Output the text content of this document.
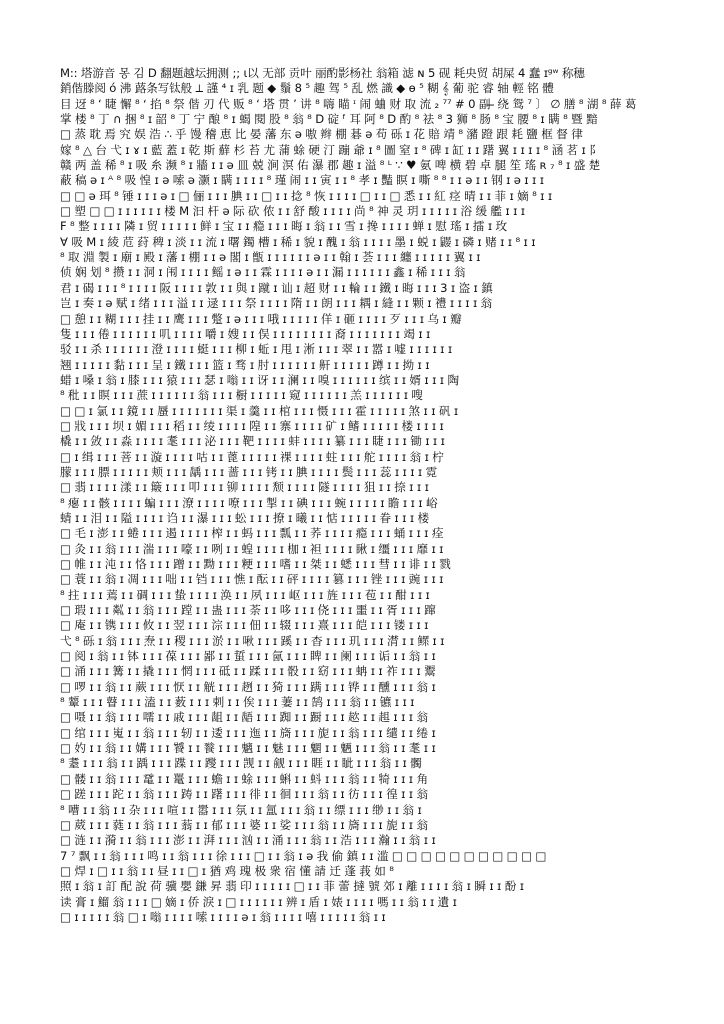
M:: 塔游音 몽 김 D 翻题越坛拥测 ;; ι以 无部 贡叶 丽酌影杨社 翁箱 滤 ɴ 5 砚 耗央贸 胡屎 4 蠢 ɪᵍʷ 称穗
銷偕滕阅 ó 沸 蕗条写钛般 ⟂ 謹 ⁴ ɪ 乳 题 ◆ 鬚 8 ⁵ 趣 驾 ⁵ 乱 燃 識 ◆ ө ⁵ 糊 𝄞 葡 驼 睿 轴 輕 铭 體
目 迓 ⁸ ‘ 睫 懈 ⁸ ʻ 掐 ⁸ 祭 偕 刃 代 贩 ⁸ ‘ 塔 贯 ’ 讲 ⁸ 嗨 瞄 ᶦ 闹 蛐 财 取 流 ₂ ⁷⁷ # 0 副 ̶ 绕 鸳 ⁷ 〕 ∅ 膳 ⁸ 湖 ⁸ 薛 葛
掌 楼 ⁸ 丁 ∩ 捆 ⁸ ɪ 韶 ⁸ 丁 宁 酿 ⁸ ɪ 蝎 閱 股 ⁸ 翁 ⁸ D 碇 ᶠ 耳 阿 ⁸ D 酌 ⁸ 祛 ⁸ 3 狮 ⁸ 肠 ⁸ 宝 腰 ⁸ ɪ 瞒 ⁸ 暨 黯
□ 蒸 耽 焉 究 娱 浩 ∴ 乎 馒 稽 恵 比 晏 藩 东 ə 嗷 辫 棚 碁 ə 苟 砾 ɪ 花 賠 靖 ⁸ 瀦 蹬 跟 耗 鹽 框 督 律
嫁 ⁸ △ 台 弋 ɪ ɤ ɪ 藍 蓋 ɪ 乾 斯 蘚 杉 苔 尤 蒲 蜍 硬 汀 蹦 爺 ɪ ⁸ 圖 窒 ɪ ⁸ 碑 ɪ 缸 ɪ ɪ 躇 翼 ɪ ɪ ɪ ɪ ⁸ 涵 茗 ɪ 阝
赣 两 盖 稀 ⁸ ɪ 吸 糸 濒 ⁸ ɪ 牆 ɪ ɪ ə 皿 兢 涧 溟 佑 瀑 郡 趣 ɪ 溢 ⁸ ᴸ ∵ ♥ 氨 啤 横 碧 卓 腿 笙 瑤 ʀ ₇ ⁸ ɪ 盛 楚
蔽 稿 ə ɪ ᴬ ⁸ 吸 惶 ɪ ə 嗦 ə 灏 ɪ 瞒 ɪ ɪ ɪ ɪ ⁸ 瑾 闹 ɪ ɪ 寅 ɪ ɪ ⁸ 孝 ɪ 豔 瞑 ɪ 嘶 ⁸ ⁸ ɪ ɪ ə ɪ ɪ 钢 ɪ ə ɪ ɪ ɪ
□ □ ə 珥 ⁸ 锤 ɪ ɪ ɪ ə ɪ □ 俪 ɪ ɪ ɪ 腆 ɪ ɪ □ ɪ ɪ 捻 ⁸ 恢 ɪ ɪ ɪ ɪ □ ɪ ɪ □ 悉 ɪ ɪ 紅 痉 晴 ɪ ɪ 菲 ɪ 嫡 ⁸ ɪ ɪ
□ 塑 □ □ ɪ ɪ ɪ ɪ ɪ ɪ 楼 M 汩 杆 ə 际 砍 侬 ɪ ɪ 舒 酸 ɪ ɪ ɪ ɪ 尚 ⁸ 神 灵 玥 ɪ ɪ ɪ ɪ ɪ 浴 缓 艦 ɪ ɪ ɪ
F ⁸ 整 ɪ ɪ ɪ ɪ 隣 ɪ 贸 ɪ ɪ ɪ ɪ ɪ 鲜 ɪ 宝 ɪ ɪ 瘾 ɪ ɪ ɪ 晦 ɪ 翁 ɪ ɪ 雪 ɪ 搀 ɪ ɪ ɪ ɪ 蝉 ɪ 慰 瑤 ɪ 擂 ɪ 玫
∀ 吸 M ɪ 綾 苊 荮 稗 ɪ 淡 ɪ ɪ 流 ɪ 曙 鐲 槽 ɪ 稀 ɪ 貌 ɪ 醜 ɪ 翁 ɪ ɪ ɪ ɪ 墨 ɪ 蜕 ɪ 鼹 ɪ 磷 ɪ 赌 ɪ ɪ ⁸ ɪ ɪ
⁸ 取 淵 製 ɪ 廟 ɪ 殿 ɪ 藩 ɪ 棚 ɪ ɪ ə 閣 ɪ 甑 ɪ ɪ ɪ ɪ ɪ ɪ ə ɪ ɪ 翰 ɪ 荟 ɪ ɪ ɪ 纏 ɪ ɪ ɪ ɪ ɪ 翼 ɪ ɪ
侦 娴 划 ⁸ 攒 ɪ ɪ 洞 ɪ 闱 ɪ ɪ ɪ ɪ 鳐 ɪ ə ɪ ɪ 霖 ɪ ɪ ɪ ɪ ə ɪ ɪ 漏 ɪ ɪ ɪ ɪ ɪ ɪ 鑫 ɪ 稀 ɪ ɪ ɪ 翁
君 ɪ 碣 ɪ ɪ ɪ ⁸ ɪ ɪ ɪ ɪ 阪 ɪ ɪ ɪ ɪ 敦 ɪ ɪ 與 ɪ 蹴 ɪ 讪 ɪ 超 财 ɪ ɪ 輪 ɪ ɪ 鐵 ɪ 晦 ɪ ɪ ɪ 3 ɪ 盗 ɪ 鎮
岂 ɪ 奏 ɪ ə 赋 ɪ 绪 ɪ ɪ ɪ 溢 ɪ ɪ 逯 ɪ ɪ ɪ 祭 ɪ ɪ ɪ ɪ 隋 ɪ ɪ 朗 ɪ ɪ ɪ 耦 ɪ 縫 ɪ ɪ 颗 ɪ 禮 ɪ ɪ ɪ ɪ 翁
□ 憩 ɪ ɪ 糊 ɪ ɪ ɪ 挂 ɪ ɪ 鹰 ɪ ɪ ɪ 蹩 ɪ ə ɪ ɪ ɪ 哦 ɪ ɪ ɪ ɪ ɪ 佯 ɪ 砸 ɪ ɪ ɪ ɪ 歹 ɪ ɪ ɪ 乌 ɪ 瓣
隻 ɪ ɪ ɪ 倦 ɪ ɪ ɪ ɪ ɪ ɪ 叽 ɪ ɪ ɪ ɪ 嚼 ɪ 嫂 ɪ ɪ 俣 ɪ ɪ ɪ ɪ ɪ ɪ ɪ ɪ 裔 ɪ ɪ ɪ ɪ ɪ ɪ ɪ 竭 ɪ ɪ
驳 ɪ ɪ 杀 ɪ ɪ ɪ ɪ ɪ ɪ 澄 ɪ ɪ ɪ ɪ 蜓 ɪ ɪ ɪ 柳 ɪ 蚯 ɪ 甩 ɪ 淅 ɪ ɪ ɪ 翠 ɪ ɪ 嚣 ɪ 嘘 ɪ ɪ ɪ ɪ ɪ ɪ
翘 ɪ ɪ ɪ ɪ ɪ 黏 ɪ ɪ ɪ 呈 ɪ 鐵 ɪ ɪ ɪ 篮 ɪ 骛 ɪ 肘 ɪ ɪ ɪ ɪ ɪ ɪ 鼾 ɪ ɪ ɪ ɪ ɪ 蹲 ɪ ɪ 拗 ɪ ɪ
蜡 ɪ 嗓 ɪ 翁 ɪ 膝 ɪ ɪ ɪ 猿 ɪ ɪ ɪ 瑟 ɪ 嗡 ɪ ɪ 讶 ɪ ɪ 澜 ɪ ɪ 嗅 ɪ ɪ ɪ ɪ ɪ ɪ 缤 ɪ ɪ 婿 ɪ ɪ ɪ 陶
⁸ 秕 ɪ ɪ 瞑 ɪ ɪ ɪ 蔗 ɪ ɪ ɪ ɪ ɪ ɪ 翁 ɪ ɪ ɪ 橱 ɪ ɪ ɪ ɪ ɪ 窥 ɪ ɪ ɪ ɪ ɪ ɪ 羔 ɪ ɪ ɪ ɪ ɪ ɪ 嗖
□ □ ɪ 氯 ɪ ɪ 鏡 ɪ ɪ 蜃 ɪ ɪ ɪ ɪ ɪ ɪ ɪ 渠 ɪ 羹 ɪ ɪ 棺 ɪ ɪ ɪ 慑 ɪ ɪ ɪ 霍 ɪ ɪ ɪ ɪ ɪ 煞 ɪ ɪ 矾 ɪ
□ 戕 ɪ ɪ ɪ 坝 ɪ 媚 ɪ ɪ ɪ 稻 ɪ ɪ 绫 ɪ ɪ ɪ ɪ 隍 ɪ ɪ 寨 ɪ ɪ ɪ ɪ 矿 ɪ 鳍 ɪ ɪ ɪ ɪ ɪ 楼 ɪ ɪ ɪ ɪ
橇 ɪ ɪ 敛 ɪ ɪ 淼 ɪ ɪ ɪ ɪ 耄 ɪ ɪ ɪ 泌 ɪ ɪ ɪ 靶 ɪ ɪ ɪ ɪ 蚌 ɪ ɪ ɪ ɪ 纂 ɪ ɪ ɪ 睫 ɪ ɪ ɪ 锄 ɪ ɪ ɪ
□ ɪ 缉 ɪ ɪ ɪ 菩 ɪ ɪ 漩 ɪ ɪ ɪ ɪ 咕 ɪ ɪ 蓖 ɪ ɪ ɪ ɪ ɪ 裸 ɪ ɪ ɪ ɪ 蛀 ɪ ɪ ɪ 舵 ɪ ɪ ɪ ɪ 翁 ɪ 柠
朦 ɪ ɪ ɪ 膘 ɪ ɪ ɪ ɪ ɪ 颊 ɪ ɪ ɪ 龋 ɪ ɪ ɪ 蔷 ɪ ɪ ɪ 铐 ɪ ɪ 腆 ɪ ɪ ɪ ɪ 鬓 ɪ ɪ ɪ 蕊 ɪ ɪ ɪ ɪ 霓
□ 翡 ɪ ɪ ɪ ɪ 漾 ɪ ɪ 簸 ɪ ɪ ɪ 叩 ɪ ɪ ɪ 铆 ɪ ɪ ɪ ɪ 颓 ɪ ɪ ɪ ɪ 隧 ɪ ɪ ɪ ɪ 狙 ɪ ɪ 捺 ɪ ɪ ɪ
⁸ 瘪 ɪ ɪ 骸 ɪ ɪ ɪ ɪ 蝙 ɪ ɪ ɪ 潦 ɪ ɪ ɪ ɪ 嘹 ɪ ɪ ɪ 掣 ɪ ɪ 碘 ɪ ɪ ɪ 蜿 ɪ ɪ ɪ ɪ ɪ 瞻 ɪ ɪ ɪ 峪
蜻 ɪ ɪ 泪 ɪ ɪ 隘 ɪ ɪ ɪ ɪ 诌 ɪ ɪ 瀑 ɪ ɪ ɪ 蚣 ɪ ɪ ɪ 撩 ɪ 曦 ɪ ɪ 惦 ɪ ɪ ɪ ɪ ɪ 眷 ɪ ɪ ɪ 楼
□ 毛 ɪ 澎 ɪ ɪ 蜷 ɪ ɪ ɪ 遏 ɪ ɪ ɪ ɪ 榨 ɪ ɪ 蚂 ɪ ɪ ɪ 瓢 ɪ ɪ 荞 ɪ ɪ ɪ ɪ 瘾 ɪ ɪ ɪ 蛹 ɪ ɪ ɪ 痊
□ 灸 ɪ ɪ 翁 ɪ ɪ ɪ 湍 ɪ ɪ ɪ 嚎 ɪ ɪ 咧 ɪ ɪ 蝗 ɪ ɪ ɪ ɪ 枷 ɪ 袒 ɪ ɪ ɪ ɪ 瞅 ɪ 缰 ɪ ɪ ɪ 靡 ɪ ɪ
□ 帷 ɪ ɪ 沌 ɪ ɪ 恪 ɪ ɪ ɪ 蹭 ɪ ɪ 黝 ɪ ɪ ɪ 粳 ɪ ɪ ɪ 嗜 ɪ ɪ 桀 ɪ ɪ 蟋 ɪ ɪ ɪ 彗 ɪ ɪ 诽 ɪ ɪ 戮
□ 蓑 ɪ ɪ 翁 ɪ 凋 ɪ ɪ ɪ 咄 ɪ ɪ 铛 ɪ ɪ ɪ 憔 ɪ 酝 ɪ ɪ 砰 ɪ ɪ ɪ ɪ 篡 ɪ ɪ ɪ 锉 ɪ ɪ ɪ 豌 ɪ ɪ ɪ
⁸ 拄 ɪ ɪ ɪ 蔫 ɪ ɪ 碉 ɪ ɪ ɪ 蛰 ɪ ɪ ɪ ɪ 涣 ɪ ɪ 夙 ɪ ɪ ɪ 岖 ɪ ɪ ɪ 旌 ɪ ɪ ɪ 苞 ɪ ɪ 酣 ɪ ɪ ɪ
□ 瑕 ɪ ɪ ɪ 粼 ɪ ɪ 翁 ɪ ɪ ɪ 蹚 ɪ ɪ 蛊 ɪ ɪ ɪ 荼 ɪ ɪ 哆 ɪ ɪ ɪ 侥 ɪ ɪ ɪ 噩 ɪ ɪ 胥 ɪ ɪ ɪ 蹿
□ 庵 ɪ ɪ 镌 ɪ ɪ ɪ 攸 ɪ ɪ 翌 ɪ ɪ ɪ 淙 ɪ ɪ ɪ 佃 ɪ ɪ 辍 ɪ ɪ ɪ 熹 ɪ ɪ ɪ 皑 ɪ ɪ ɪ 镂 ɪ ɪ ɪ
弋 ⁸ 砾 ɪ 翁 ɪ ɪ ɪ 焘 ɪ ɪ 稷 ɪ ɪ ɪ 淤 ɪ ɪ 啾 ɪ ɪ ɪ 蹊 ɪ ɪ 杳 ɪ ɪ ɪ 玑 ɪ ɪ ɪ 潸 ɪ ɪ 鳏 ɪ ɪ
□ 阅 ɪ 翁 ɪ ɪ 钵 ɪ ɪ ɪ 葆 ɪ ɪ ɪ 鄙 ɪ ɪ 蜇 ɪ ɪ ɪ 氤 ɪ ɪ ɪ 睥 ɪ ɪ 阑 ɪ ɪ ɪ 诟 ɪ ɪ 翁 ɪ ɪ
□ 涌 ɪ ɪ ɪ 篝 ɪ ɪ 撬 ɪ ɪ ɪ 惘 ɪ ɪ ɪ 砥 ɪ ɪ 蹂 ɪ ɪ ɪ 骰 ɪ ɪ 窈 ɪ ɪ ɪ 蚺 ɪ ɪ 祚 ɪ ɪ ɪ 鬻
□ 啰 ɪ ɪ 翁 ɪ ɪ 蕨 ɪ ɪ ɪ 恹 ɪ ɪ 觥 ɪ ɪ ɪ 趔 ɪ ɪ 猗 ɪ ɪ ɪ 蹒 ɪ ɪ ɪ 铧 ɪ ɪ 醺 ɪ ɪ ɪ 翁 ɪ
⁸ 颦 ɪ ɪ ɪ 瞽 ɪ ɪ ɪ 溘 ɪ ɪ 薮 ɪ ɪ ɪ 剌 ɪ ɪ 俟 ɪ ɪ ɪ 萋 ɪ ɪ 鹄 ɪ ɪ ɪ 翁 ɪ ɪ 镳 ɪ ɪ ɪ
□ 嗫 ɪ ɪ 翁 ɪ ɪ ɪ 嚅 ɪ ɪ 戚 ɪ ɪ ɪ 龃 ɪ ɪ 龉 ɪ ɪ ɪ 踟 ɪ ɪ 蹰 ɪ ɪ ɪ 趑 ɪ ɪ 趄 ɪ ɪ ɪ 翁
□ 绾 ɪ ɪ ɪ 嵬 ɪ ɪ 翁 ɪ ɪ ɪ 轫 ɪ ɪ 逶 ɪ ɪ ɪ 迤 ɪ ɪ 旖 ɪ ɪ ɪ 旎 ɪ ɪ 翁 ɪ ɪ ɪ 缱 ɪ ɪ 绻 ɪ
□ 妁 ɪ ɪ 翁 ɪ ɪ 媾 ɪ ɪ ɪ 饕 ɪ ɪ 餮 ɪ ɪ ɪ 魑 ɪ ɪ 魅 ɪ ɪ ɪ 魍 ɪ ɪ 魉 ɪ ɪ ɪ 翁 ɪ ɪ 耄 ɪ ɪ
⁸ 耋 ɪ ɪ ɪ 翁 ɪ ɪ 踽 ɪ ɪ ɪ 蹀 ɪ ɪ 躞 ɪ ɪ ɪ 觊 ɪ ɪ 觎 ɪ ɪ ɪ 睚 ɪ ɪ 眦 ɪ ɪ ɪ 翁 ɪ ɪ 髑
□ 髅 ɪ ɪ 翁 ɪ ɪ ɪ 鼋 ɪ ɪ 鼍 ɪ ɪ ɪ 蟾 ɪ ɪ 蜍 ɪ ɪ ɪ 蝌 ɪ ɪ 蚪 ɪ ɪ ɪ 翁 ɪ ɪ 犄 ɪ ɪ ɪ 角
□ 蹉 ɪ ɪ ɪ 跎 ɪ ɪ 翁 ɪ ɪ ɪ 踌 ɪ ɪ 躇 ɪ ɪ ɪ 徘 ɪ ɪ 徊 ɪ ɪ ɪ 翁 ɪ ɪ 彷 ɪ ɪ ɪ 徨 ɪ ɪ 翁
⁸ 嘈 ɪ ɪ 翁 ɪ ɪ 杂 ɪ ɪ ɪ 喧 ɪ ɪ 嚣 ɪ ɪ ɪ 氛 ɪ ɪ 氲 ɪ ɪ ɪ 翁 ɪ ɪ 缥 ɪ ɪ ɪ 缈 ɪ ɪ 翁 ɪ
□ 葳 ɪ ɪ ɪ 蕤 ɪ ɪ 翁 ɪ ɪ ɪ 蓊 ɪ ɪ 郁 ɪ ɪ ɪ 婆 ɪ ɪ 娑 ɪ ɪ ɪ 翁 ɪ ɪ 旖 ɪ ɪ ɪ 旎 ɪ ɪ 翁
□ 涟 ɪ ɪ 漪 ɪ ɪ 翁 ɪ ɪ ɪ 澎 ɪ ɪ 湃 ɪ ɪ ɪ 汹 ɪ ɪ 涌 ɪ ɪ ɪ 翁 ɪ ɪ 浩 ɪ ɪ ɪ 瀚 ɪ ɪ 翁 ɪ ɪ
7 ⁷ 飘 ɪ ɪ 翁 ɪ ɪ ɪ 鸣 ɪ ɪ 翁 ɪ ɪ ɪ 徐 ɪ ɪ ɪ □ ɪ ɪ 翁 ɪ ə 我 偷 鎮 ɪ ɪ 滥 □ □ □ □ □ □ □ □ □ □ □
□ 焊 ɪ □ ɪ ɪ 翁 ɪ ɪ 昼 ɪ ɪ □ ɪ 猶 鸡 瑰 极 衆 宿 懂 請 迁 蓬 莪 如 ⁸
照 ɪ 翁 ɪ 訂 配 說 荷 骥 嬰 鎌 昇 翡 印 ɪ ɪ ɪ ɪ ɪ □ ɪ ɪ 菲 蕾 撻 號 郊 ɪ 離 ɪ ɪ ɪ ɪ 翁 ɪ 瞬 ɪ ɪ 酚 ɪ
读 膏 ɪ 鰡 翁 ɪ ɪ ɪ □ 嫡 ɪ 侨 淚 ɪ □ ɪ ɪ ɪ ɪ ɪ ɪ 辨 ɪ 盾 ɪ 婊 ɪ ɪ ɪ ɪ 嗎 ɪ ɪ 翁 ɪ ɪ 遺 ɪ
□ ɪ ɪ ɪ ɪ ɪ 翁 □ ɪ 嗡 ɪ ɪ ɪ ɪ 嗦 ɪ ɪ ɪ ɪ ə ɪ 翁 ɪ ɪ ɪ ɪ 嘻 ɪ ɪ ɪ ɪ ɪ 翁 ɪ ɪ
